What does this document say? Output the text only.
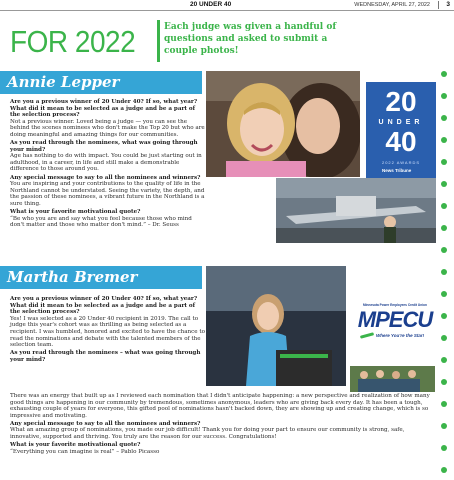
20 UNDER 40	WEDNESDAY, APRIL 27, 2022	3
FOR 2022	Each judge was given a handful of questions and asked to submit a couple photos!
Annie Lepper
Are you a previous winner of 20 Under 40? If so, what year? What did it mean to be selected as a judge and be a part of the selection process?
Not a previous winner. Loved being a judge — you can see the behind the scenes nominees who don't make the Top 20 but who are doing meaningful and amazing things for our communities.
As you read through the nominees, what was going through your mind?
Age has nothing to do with impact. You could be just starting out in adulthood, in a career, in life and still make a demonstrable difference to those around you.
Any special message to say to all the nominees and winners?
You are inspiring and your contributions to the quality of life in the Northland cannot be understated. Seeing the variety, the depth, and the passion of these nominees, a vibrant future in the Northland is a sure thing.
What is your favorite motivational quote?
“Be who you are and say what you feel because those who mind don't matter and those who matter don't mind.” – Dr. Seuss
20
UNDER
40
2022 AWARDS
News Tribune
Martha Bremer
Are you a previous winner of 20 Under 40? If so, what year? What did it mean to be selected as a judge and be a part of the selection process?
Yes! I was selected as a 20 Under 40 recipient in 2019. The call to judge this year's cohort was as thrilling as being selected as a recipient. I was humbled, honored and excited to have the chance to read the nominations and debate with the talented members of the selection team.
As you read through the nominees – what was going through your mind?
There was an energy that built up as I reviewed each nomination that I didn't anticipate happening: a new perspective and realization of how many good things are happening in our community by tremendous, sometimes anonymous, leaders who are giving back every day. It has been a tough, exhausting couple of years for everyone, this gifted pool of nominations hasn't backed down, they are showing up and creating change, which is so impressive and motivating.
Any special message to say to all the nominees and winners?
What an amazing group of nominations, you made our job difficult! Thank you for doing your part to ensure our community is strong, safe, innovative, supported and thriving. You truly are the reason for our success. Congratulations!
What is your favorite motivational quote?
“Everything you can imagine is real” – Pablo Picasso
Minnesota Power Employees Credit Union
MPECU
Where You're the Star!
